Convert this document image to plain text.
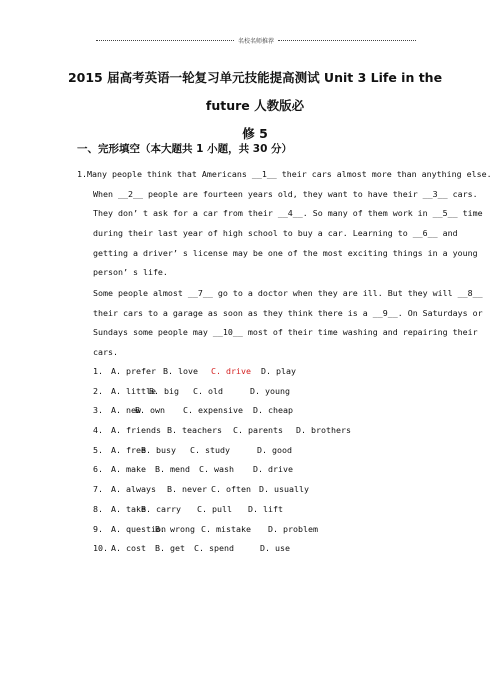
名校名师推荐
2015 届高考英语一轮复习单元技能提高测试 Unit 3 Life in the future 人教版必
修 5
一、完形填空（本大题共 1 小题，共 30 分）
1.Many people think that Americans __1__ their cars almost more than anything else.
When __2__ people are fourteen years old, they want to have their __3__ cars.
They don’ t ask for a car from their __4__. So many of them work in __5__ time
during their last year of high school to buy a car. Learning to __6__ and
getting a driver’ s license may be one of the most exciting things in a young
person’ s life.
Some people almost __7__ go to a doctor when they are ill. But they will __8__
their cars to a garage as soon as they think there is a __9__. On Saturdays or
Sundays some people may __10__ most of their time washing and repairing their
cars.

1.

A. prefer

B. love

C. drive

D. play

2.

A. little

B. big

C. old

	D. young

3.

A. new

B. own

C. expensive

D. cheap

4.

A. friends

B. teachers

C. parents

D. brothers

5.

A. free

B. busy

C. study

	D. good

6.

A. make

B. mend

C. wash

D. drive

7.

A. always

B. never

C. often

D. usually

8.

A. take

B. carry

C. pull

D. lift

9.

A. question

B. wrong

C. mistake

D. problem

10.

A. cost

B. get

C. spend

	D. use
